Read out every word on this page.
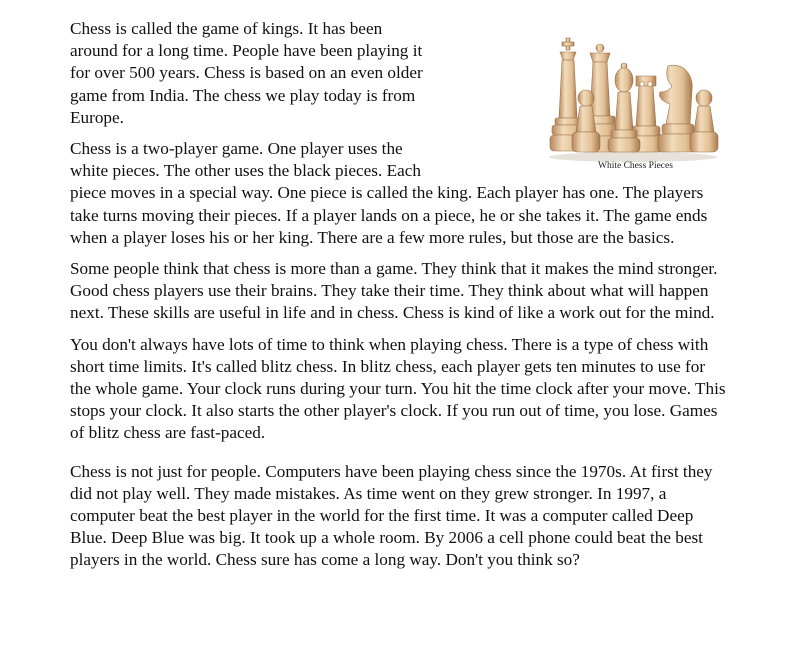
White Chess Pieces

Chess is called the game of kings. It has been around for a long time. People have been playing it for over 500 years. Chess is based on an even older game from India. The chess we play today is from Europe.

Chess is a two-player game. One player uses the white pieces. The other uses the black pieces. Each piece moves in a special way. One piece is called the king. Each player has one. The players take turns moving their pieces. If a player lands on a piece, he or she takes it. The game ends when a player loses his or her king. There are a few more rules, but those are the basics.

Some people think that chess is more than a game. They think that it makes the mind stronger. Good chess players use their brains. They take their time. They think about what will happen next. These skills are useful in life and in chess. Chess is kind of like a work out for the mind.

You don't always have lots of time to think when playing chess. There is a type of chess with short time limits. It's called blitz chess. In blitz chess, each player gets ten minutes to use for the whole game. Your clock runs during your turn. You hit the time clock after your move. This stops your clock. It also starts the other player's clock. If you run out of time, you lose. Games of blitz chess are fast-paced.

Chess is not just for people. Computers have been playing chess since the 1970s. At first they did not play well. They made mistakes. As time went on they grew stronger. In 1997, a computer beat the best player in the world for the first time. It was a computer called Deep Blue. Deep Blue was big. It took up a whole room. By 2006 a cell phone could beat the best players in the world. Chess sure has come a long way. Don't you think so?
